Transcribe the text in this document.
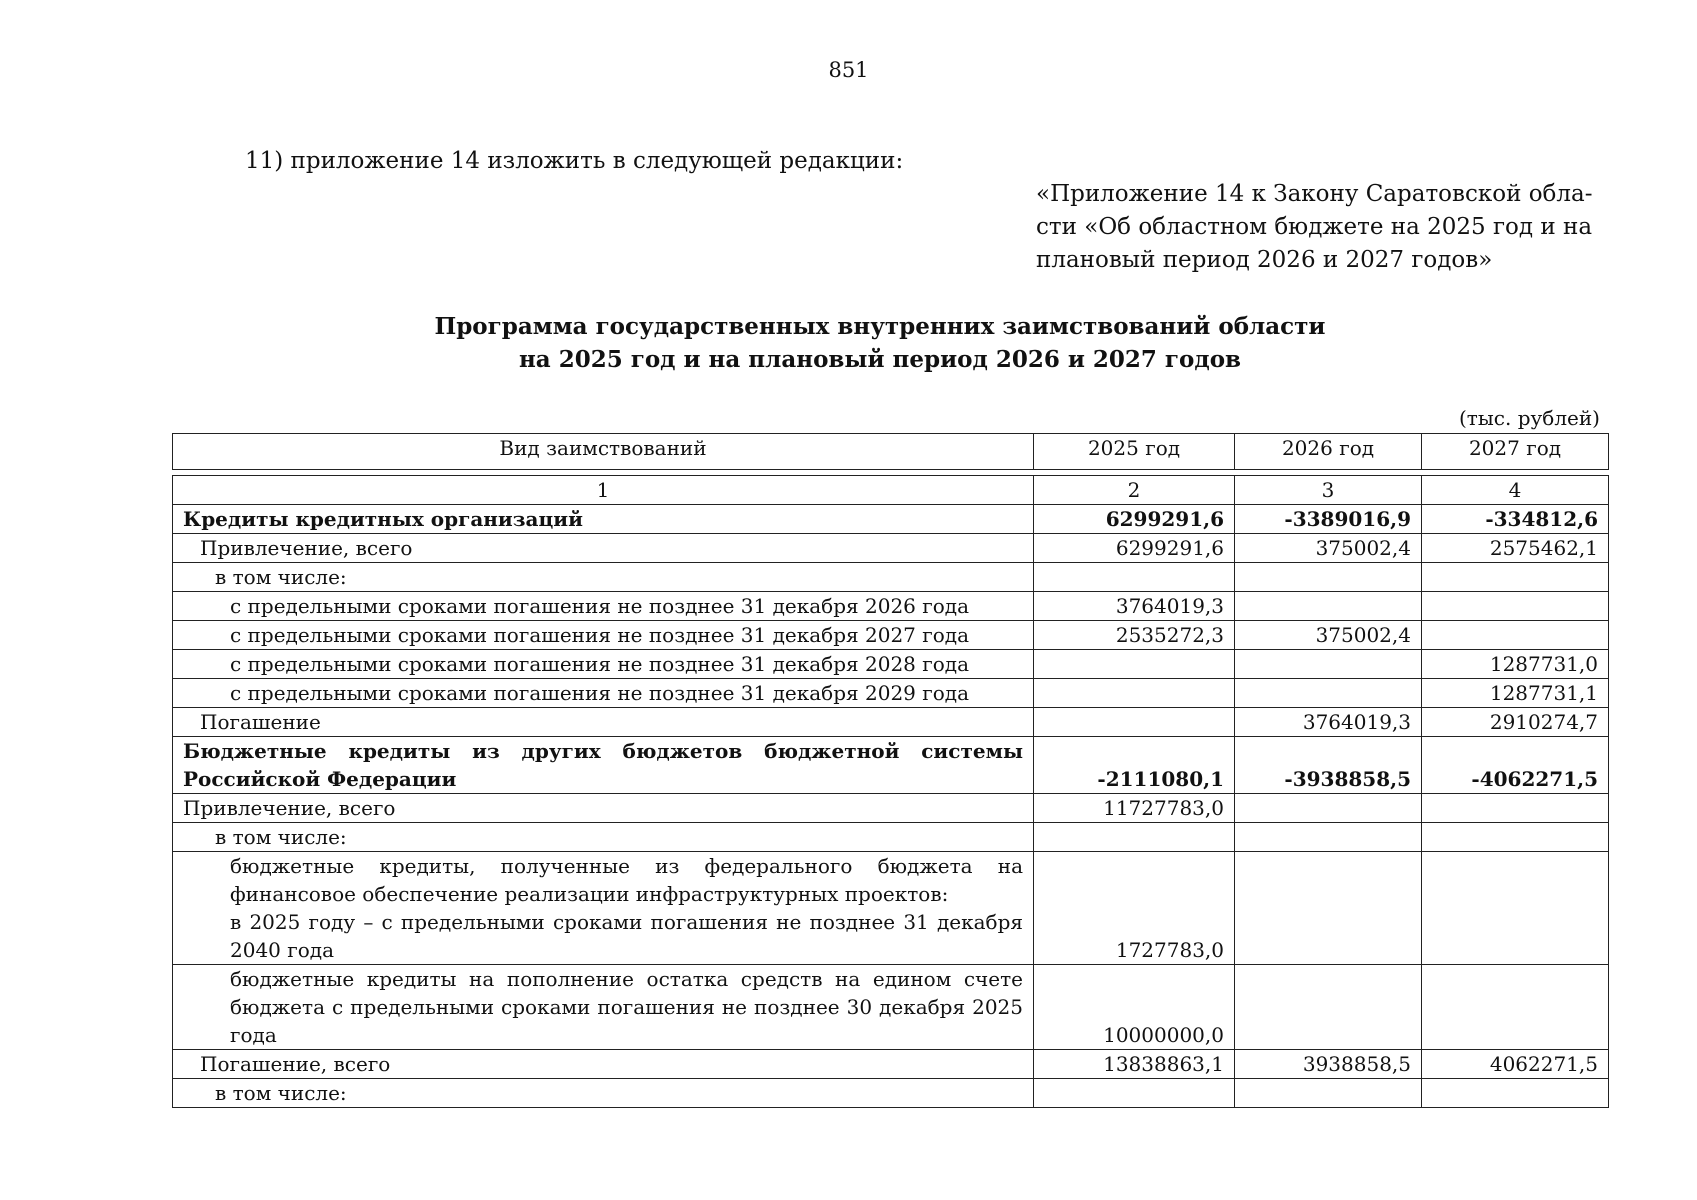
851
11) приложение 14 изложить в следующей редакции:
«Приложение 14 к Закону Саратовской обла-
сти «Об областном бюджете на 2025 год и на
плановый период 2026 и 2027 годов»
Программа государственных внутренних заимствований области
на 2025 год и на плановый период 2026 и 2027 годов
(тыс. рублей)
Вид заимствований	2025 год	2026 год	2027 год
1	2	3	4
Кредиты кредитных организаций	6299291,6	-3389016,9	-334812,6
Привлечение, всего	6299291,6	375002,4	2575462,1
в том числе:			
с предельными сроками погашения не позднее 31 декабря 2026 года	3764019,3		
с предельными сроками погашения не позднее 31 декабря 2027 года	2535272,3	375002,4	
с предельными сроками погашения не позднее 31 декабря 2028 года			1287731,0
с предельными сроками погашения не позднее 31 декабря 2029 года			1287731,1
Погашение		3764019,3	2910274,7
Бюджетные кредиты из других бюджетов бюджетной системы Российской Федерации	-2111080,1	-3938858,5	-4062271,5
Привлечение, всего	11727783,0		
в том числе:			

бюджетные кредиты, полученные из федерального бюджета на финансовое обеспечение реализации инфраструктурных проектов:
в 2025 году – с предельными сроками погашения не позднее 31 декабря 2040 года	1727783,0		
бюджетные кредиты на пополнение остатка средств на едином счете бюджета с предельными сроками погашения не позднее 30 декабря 2025 года	10000000,0		
Погашение, всего	13838863,1	3938858,5	4062271,5
в том числе:			
